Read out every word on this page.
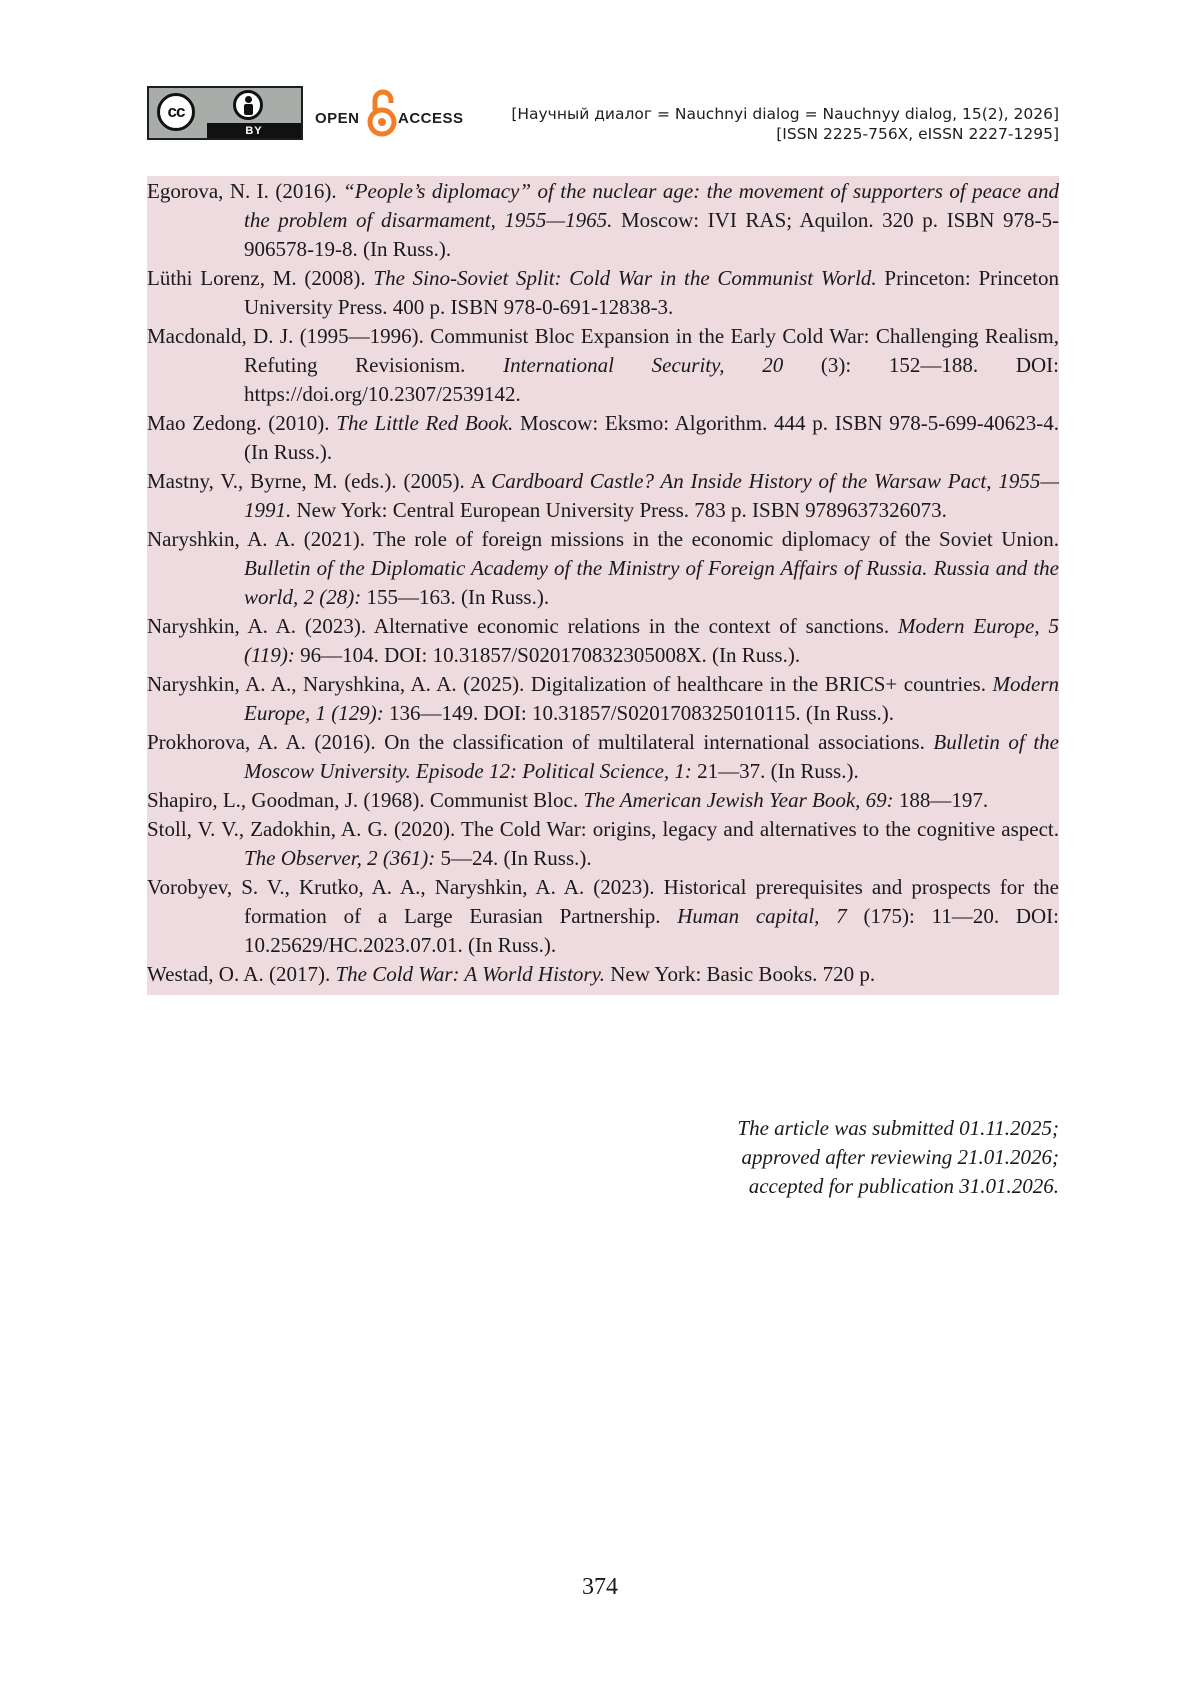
cc
BY
OPEN	ACCESS	[Научный диалог = Nauchnyi dialog = Nauchnyy dialog, 15(2), 2026]
[ISSN 2225-756X, eISSN 2227-1295]

Egorova, N. I. (2016). “People’s diplomacy” of the nuclear age: the movement of supporters of peace and the problem of disarmament, 1955—1965. Moscow: IVI RAS; Aquilon. 320 p. ISBN 978-5-906578-19-8. (In Russ.).

Lüthi Lorenz, M. (2008). The Sino-Soviet Split: Cold War in the Communist World. Princeton: Princeton University Press. 400 p. ISBN 978-0-691-12838-3.

Macdonald, D. J. (1995—1996). Communist Bloc Expansion in the Early Cold War: Challenging Realism, Refuting Revisionism. International Security, 20 (3): 152—188. DOI: https://doi.org/10.2307/2539142.

Mao Zedong. (2010). The Little Red Book. Moscow: Eksmo: Algorithm. 444 p. ISBN 978-5-699-40623-4. (In Russ.).

Mastny, V., Byrne, M. (eds.). (2005). A Cardboard Castle? An Inside History of the Warsaw Pact, 1955—1991. New York: Central European University Press. 783 p. ISBN 9789637326073.

Naryshkin, A. A. (2021). The role of foreign missions in the economic diplomacy of the Soviet Union. Bulletin of the Diplomatic Academy of the Ministry of Foreign Affairs of Russia. Russia and the world, 2 (28): 155—163. (In Russ.).

Naryshkin, A. A. (2023). Alternative economic relations in the context of sanctions. Modern Europe, 5 (119): 96—104. DOI: 10.31857/S020170832305008X. (In Russ.).

Naryshkin, A. A., Naryshkina, A. A. (2025). Digitalization of healthcare in the BRICS+ countries. Modern Europe, 1 (129): 136—149. DOI: 10.31857/S0201708325010115. (In Russ.).

Prokhorova, A. A. (2016). On the classification of multilateral international associations. Bulletin of the Moscow University. Episode 12: Political Science, 1: 21—37. (In Russ.).

Shapiro, L., Goodman, J. (1968). Communist Bloc. The American Jewish Year Book, 69: 188—197.

Stoll, V. V., Zadokhin, A. G. (2020). The Cold War: origins, legacy and alternatives to the cognitive aspect. The Observer, 2 (361): 5—24. (In Russ.).

Vorobyev, S. V., Krutko, A. A., Naryshkin, A. A. (2023). Historical prerequisites and prospects for the formation of a Large Eurasian Partnership. Human capital, 7 (175): 11—20. DOI: 10.25629/HC.2023.07.01. (In Russ.).

Westad, O. A. (2017). The Cold War: A World History. New York: Basic Books. 720 p.

The article was submitted 01.11.2025;
approved after reviewing 21.01.2026;
accepted for publication 31.01.2026.
374
